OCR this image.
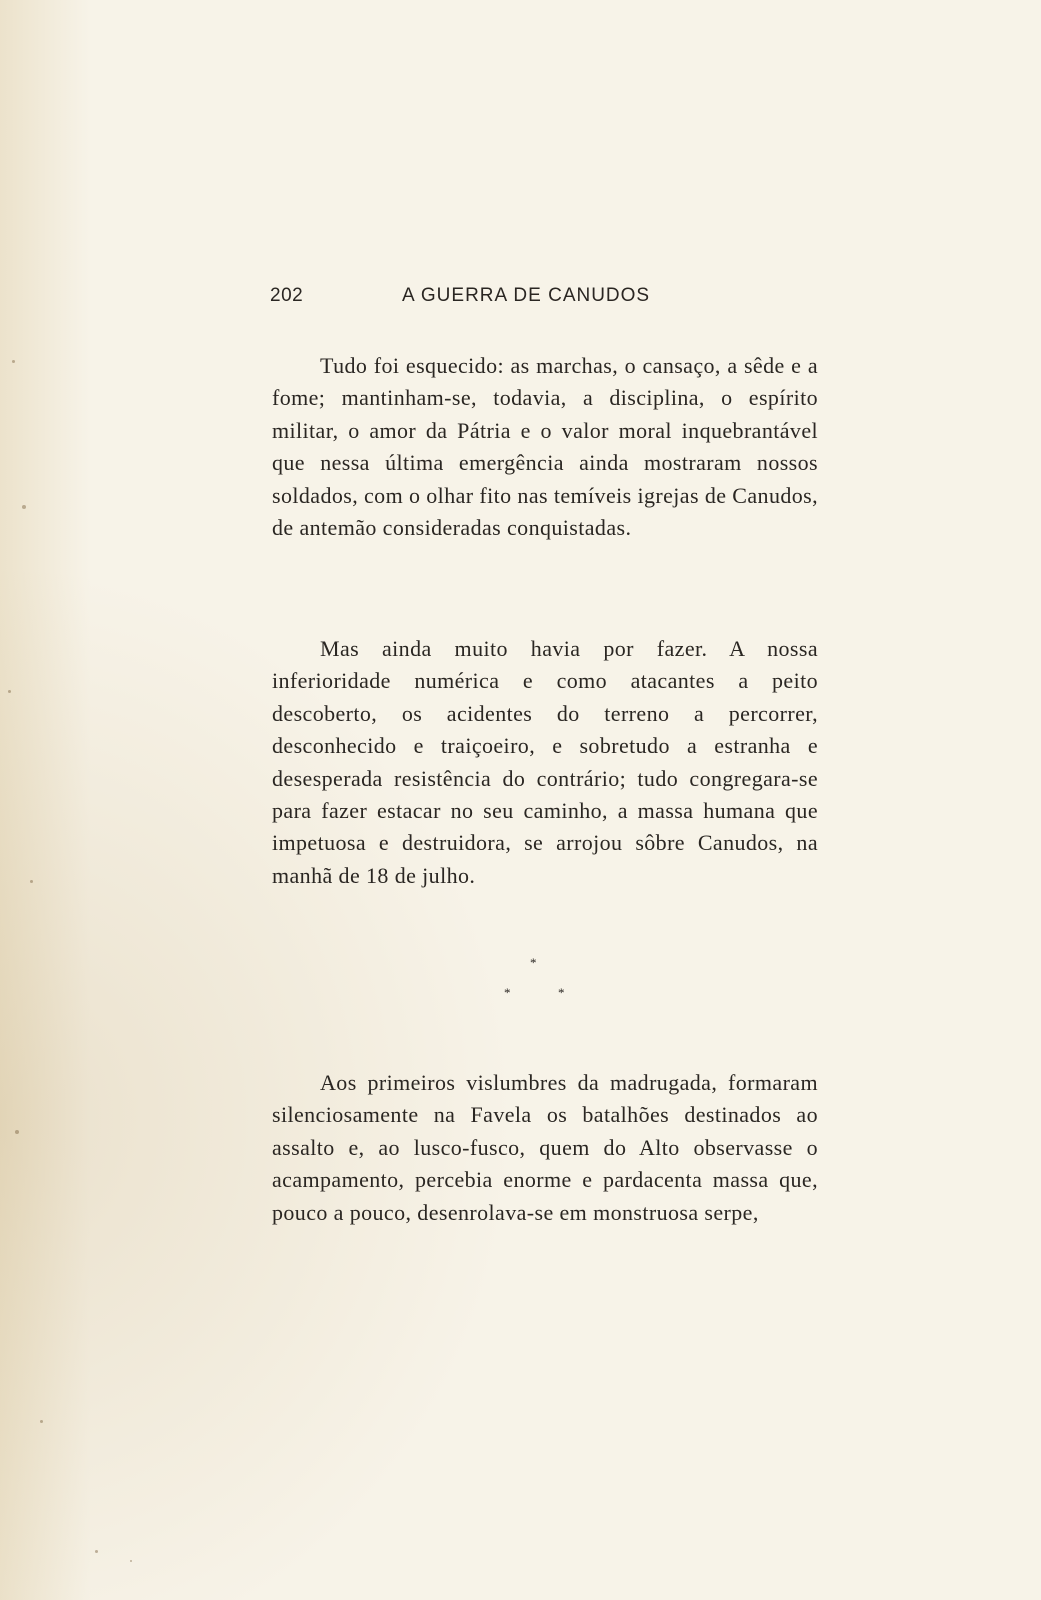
202	A GUERRA DE CANUDOS

Tudo foi esquecido: as marchas, o cansaço, a sêde e a fome; mantinham-se, todavia, a disciplina, o espírito militar, o amor da Pátria e o valor moral inquebrantável que nessa última emergência ainda mostraram nossos soldados, com o olhar fito nas temíveis igrejas de Canudos, de antemão consideradas conquistadas.

Mas ainda muito havia por fazer. A nossa inferioridade numérica e como atacantes a peito descoberto, os acidentes do terreno a percorrer, desconhecido e traiçoeiro, e sobretudo a estranha e desesperada resistência do contrário; tudo congregara-se para fazer estacar no seu caminho, a massa humana que impetuosa e destruidora, se arrojou sôbre Canudos, na manhã de 18 de julho.

*
*	*

Aos primeiros vislumbres da madrugada, formaram silenciosamente na Favela os batalhões destinados ao assalto e, ao lusco-fusco, quem do Alto observasse o acampamento, percebia enorme e pardacenta massa que, pouco a pouco, desenrolava-se em monstruosa serpe,
